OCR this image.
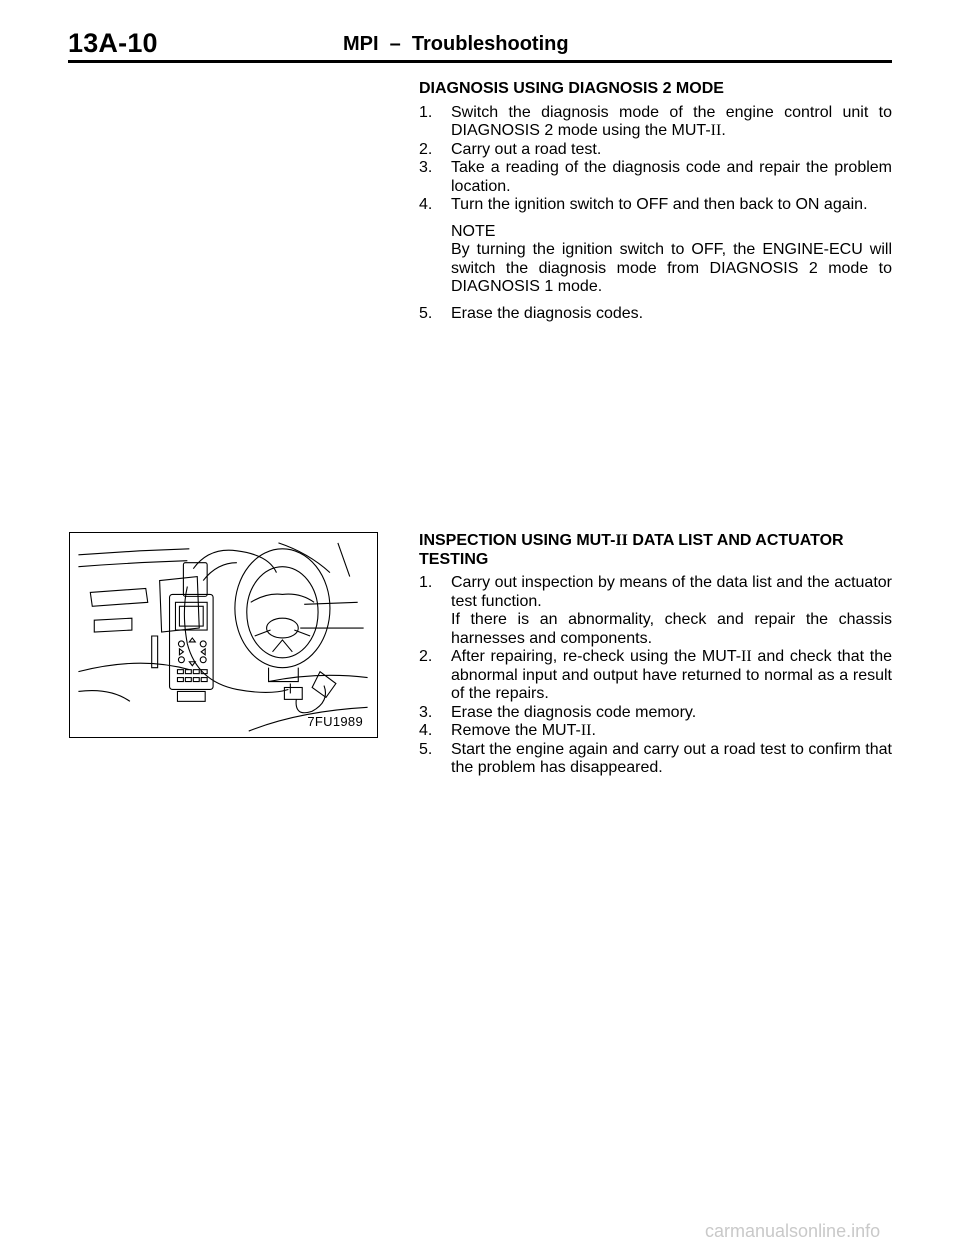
13A-10	MPI  –  Troubleshooting
DIAGNOSIS USING DIAGNOSIS 2 MODE
1. Switch the diagnosis mode of the engine control unit to DIAGNOSIS 2 mode using the MUT-II.
2. Carry out a road test.
3. Take a reading of the diagnosis code and repair the problem location.
4. Turn the ignition switch to OFF and then back to ON again.
NOTE
By turning the ignition switch to OFF, the ENGINE-ECU will switch the diagnosis mode from DIAGNOSIS 2 mode to DIAGNOSIS 1 mode.
5. Erase the diagnosis codes.
7FU1989
INSPECTION USING MUT-II DATA LIST AND ACTUATOR TESTING
1. Carry out inspection by means of the data list and the actuator test function.

If there is an abnormality, check and repair the chassis harnesses and components.

2. After repairing, re-check using the MUT-II and check that the abnormal input and output have returned to normal as a result of the repairs.
3. Erase the diagnosis code memory.
4. Remove the MUT-II.
5. Start the engine again and carry out a road test to confirm that the problem has disappeared.
carmanualsonline.info
